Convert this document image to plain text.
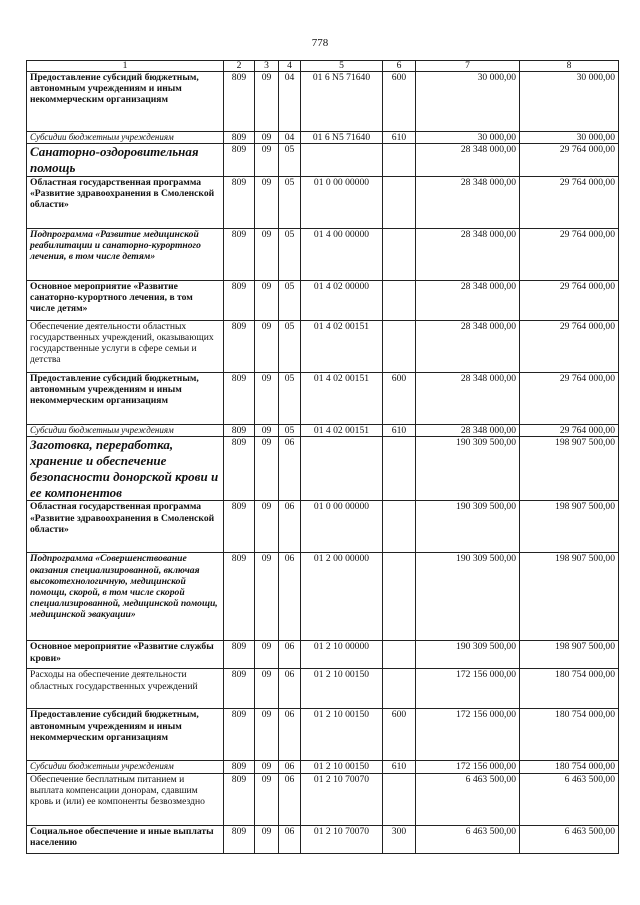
778
1	2	3	4	5	6	7	8
Предоставление субсидий бюджетным, автономным учреждениям и иным некоммерческим организациям	809	09	04	01 6 N5 71640	600	30 000,00	30 000,00
Субсидии бюджетным учреждениям	809	09	04	01 6 N5 71640	610	30 000,00	30 000,00
Санаторно-оздоровительная помощь	809	09	05			28 348 000,00	29 764 000,00
Областная государственная программа «Развитие здравоохранения в Смоленской области»	809	09	05	01 0 00 00000		28 348 000,00	29 764 000,00
Подпрограмма «Развитие медицинской реабилитации и санаторно-курортного лечения, в том числе детям»	809	09	05	01 4 00 00000		28 348 000,00	29 764 000,00
Основное мероприятие «Развитие санаторно-курортного лечения, в том числе детям»	809	09	05	01 4 02 00000		28 348 000,00	29 764 000,00
Обеспечение деятельности областных государственных учреждений, оказывающих государственные услуги в сфере семьи и детства	809	09	05	01 4 02 00151		28 348 000,00	29 764 000,00
Предоставление субсидий бюджетным, автономным учреждениям и иным некоммерческим организациям	809	09	05	01 4 02 00151	600	28 348 000,00	29 764 000,00
Субсидии бюджетным учреждениям	809	09	05	01 4 02 00151	610	28 348 000,00	29 764 000,00
Заготовка, переработка, хранение и обеспечение безопасности донорской крови и ее компонентов	809	09	06			190 309 500,00	198 907 500,00
Областная государственная программа «Развитие здравоохранения в Смоленской области»	809	09	06	01 0 00 00000		190 309 500,00	198 907 500,00
Подпрограмма «Совершенствование оказания специализированной, включая высокотехнологичную, медицинской помощи, скорой, в том числе скорой специализированной, медицинской помощи, медицинской эвакуации»	809	09	06	01 2 00 00000		190 309 500,00	198 907 500,00
Основное мероприятие «Развитие службы крови»	809	09	06	01 2 10 00000		190 309 500,00	198 907 500,00
Расходы на обеспечение деятельности областных государственных учреждений	809	09	06	01 2 10 00150		172 156 000,00	180 754 000,00
Предоставление субсидий бюджетным, автономным учреждениям и иным некоммерческим организациям	809	09	06	01 2 10 00150	600	172 156 000,00	180 754 000,00
Субсидии бюджетным учреждениям	809	09	06	01 2 10 00150	610	172 156 000,00	180 754 000,00
Обеспечение бесплатным питанием и выплата компенсации донорам, сдавшим кровь и (или) ее компоненты безвозмездно	809	09	06	01 2 10 70070		6 463 500,00	6 463 500,00
Социальное обеспечение и иные выплаты населению	809	09	06	01 2 10 70070	300	6 463 500,00	6 463 500,00
